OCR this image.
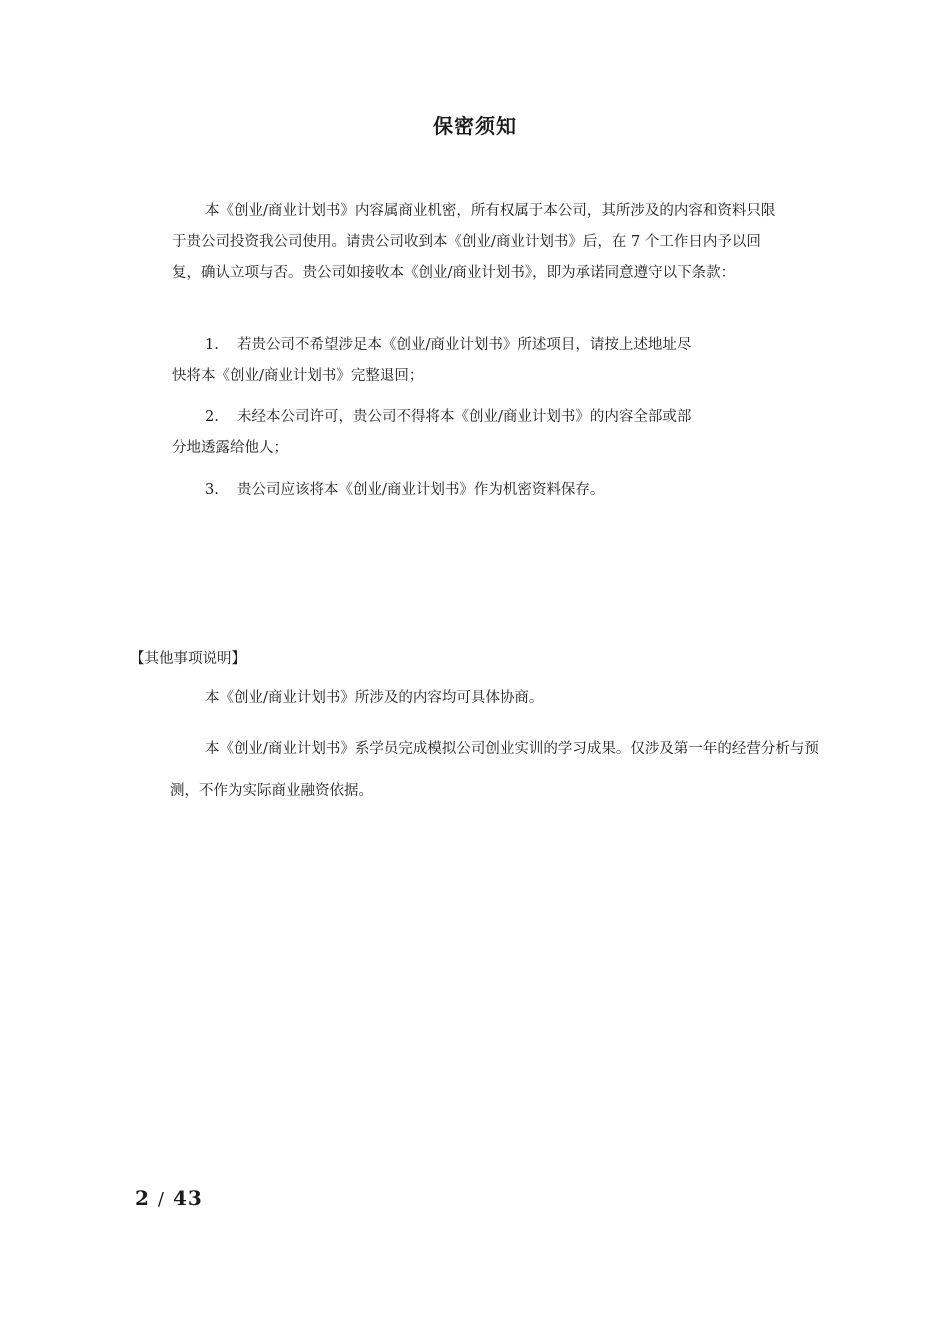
保密须知

本《创业/商业计划书》内容属商业机密，所有权属于本公司，其所涉及的内容和资料只限于贵公司投资我公司使用。请贵公司收到本《创业/商业计划书》后，在 7 个工作日内予以回复，确认立项与否。贵公司如接收本《创业/商业计划书》，即为承诺同意遵守以下条款：

1. 若贵公司不希望涉足本《创业/商业计划书》所述项目，请按上述地址尽
快将本《创业/商业计划书》完整退回；
2. 未经本公司许可，贵公司不得将本《创业/商业计划书》的内容全部或部
分地透露给他人；
3. 贵公司应该将本《创业/商业计划书》作为机密资料保存。

【其他事项说明】

本《创业/商业计划书》所涉及的内容均可具体协商。

本《创业/商业计划书》系学员完成模拟公司创业实训的学习成果。仅涉及第一年的经营分析与预测，不作为实际商业融资依据。

2 / 43
